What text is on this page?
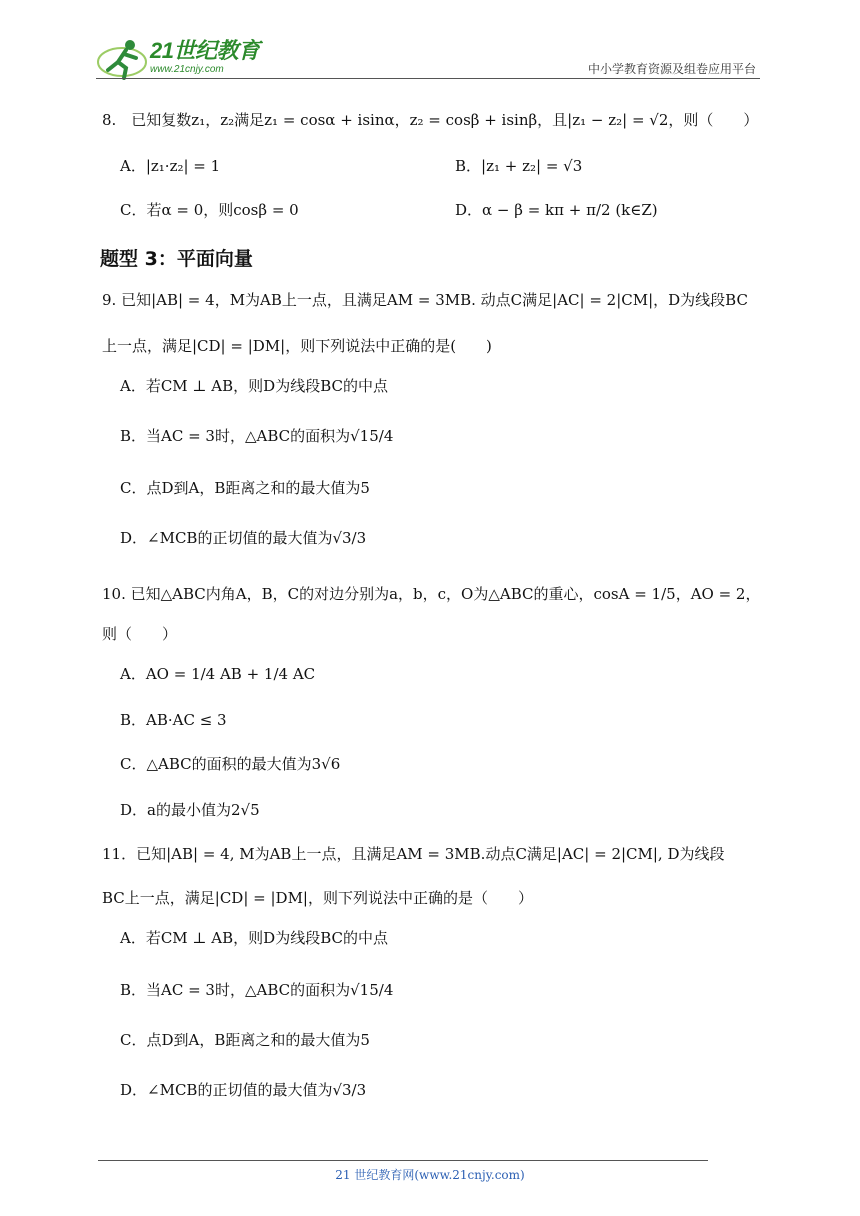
21世纪教育
www.21cnjy.com	中小学教育资源及组卷应用平台
8.　已知复数z₁，z₂满足z₁ = cosα + isinα，z₂ = cosβ + isinβ，且|z₁ − z₂| = √2，则（　　）
A．|z₁·z₂| = 1	B．|z₁ + z₂| = √3
C．若α = 0，则cosβ = 0	D．α − β = kπ + π/2 (k∈Z)
题型 3：平面向量
9. 已知|AB| = 4，M为AB上一点，且满足AM = 3MB. 动点C满足|AC| = 2|CM|，D为线段BC
上一点，满足|CD| = |DM|，则下列说法中正确的是(　　)
A．若CM ⊥ AB，则D为线段BC的中点
B．当AC = 3时，△ABC的面积为√15/4
C．点D到A，B距离之和的最大值为5
D．∠MCB的正切值的最大值为√3/3
10. 已知△ABC内角A，B，C的对边分别为a，b，c，O为△ABC的重心，cosA = 1/5，AO = 2，
则（　　）
A．AO = 1/4 AB + 1/4 AC
B．AB·AC ≤ 3
C．△ABC的面积的最大值为3√6
D．a的最小值为2√5
11．已知|AB| = 4, M为AB上一点，且满足AM = 3MB.动点C满足|AC| = 2|CM|, D为线段
BC上一点，满足|CD| = |DM|，则下列说法中正确的是（　　）
A．若CM ⊥ AB，则D为线段BC的中点
B．当AC = 3时，△ABC的面积为√15/4
C．点D到A，B距离之和的最大值为5
D．∠MCB的正切值的最大值为√3/3
21 世纪教育网(www.21cnjy.com)
